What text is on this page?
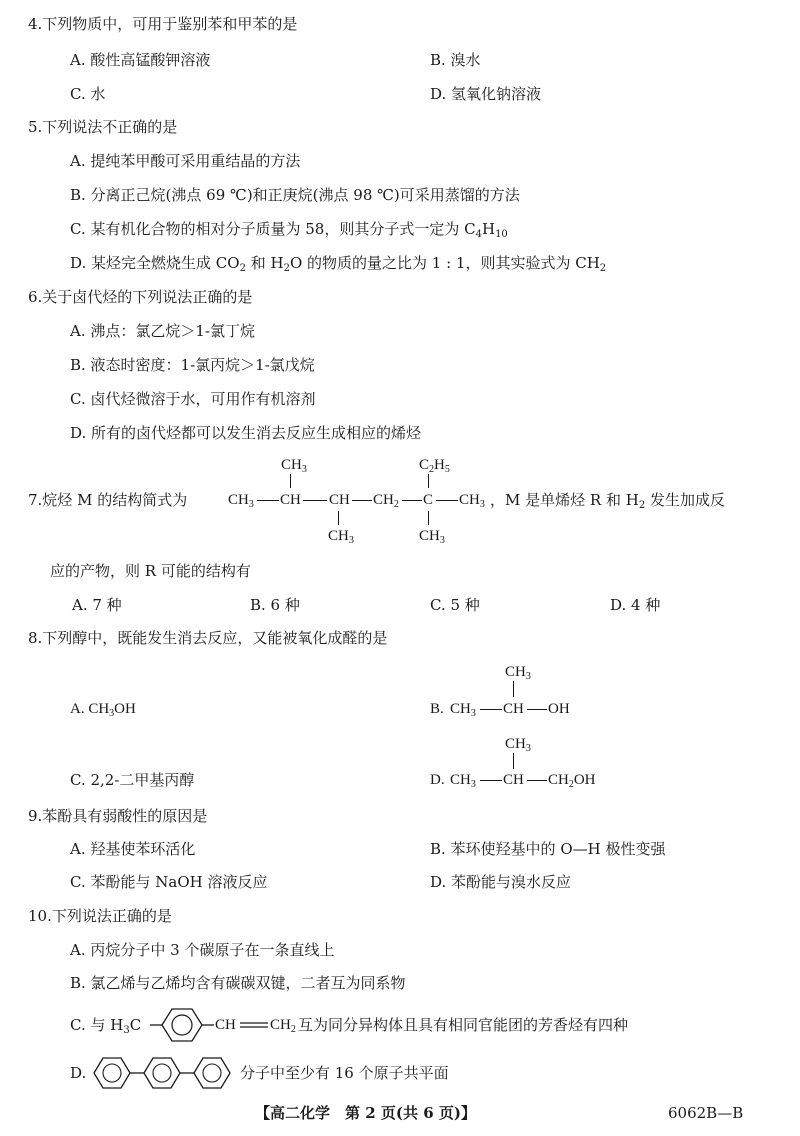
4.下列物质中，可用于鉴别苯和甲苯的是
A. 酸性高锰酸钾溶液	B. 溴水
C. 水	D. 氢氧化钠溶液
5.下列说法不正确的是
A. 提纯苯甲酸可采用重结晶的方法
B. 分离正己烷(沸点 69 ℃)和正庚烷(沸点 98 ℃)可采用蒸馏的方法
C. 某有机化合物的相对分子质量为 58，则其分子式一定为 $C_4H_{10}$
D. 某烃完全燃烧生成 $CO_2$ 和 $H_2O$ 的物质的量之比为 1 : 1，则其实验式为 $CH_2$
6.关于卤代烃的下列说法正确的是
A. 沸点：氯乙烷＞1-氯丁烷
B. 液态时密度：1-氯丙烷＞1-氯戊烷
C. 卤代烃微溶于水，可用作有机溶剂
D. 所有的卤代烃都可以发生消去反应生成相应的烯烃
$CH_3$	$C_2H_5$
7.烷烃 M 的结构简式为	$CH_3$ CH CH $CH_2$ C $CH_3$ ，M 是单烯烃 R 和 $H_2$ 发生加成反
$CH_3$	$CH_3$
应的产物，则 R 可能的结构有
A. 7 种	B. 6 种	C. 5 种	D. 4 种
8.下列醇中，既能发生消去反应，又能被氧化成醛的是
A. $CH_3OH$
$CH_3$
B. $CH_3$ CH OH
C. 2,2-二甲基丙醇
$CH_3$
D. $CH_3$ CH $CH_2OH$
9.苯酚具有弱酸性的原因是
A. 羟基使苯环活化	B. 苯环使羟基中的 O—H 极性变强
C. 苯酚能与 NaOH 溶液反应	D. 苯酚能与溴水反应
10.下列说法正确的是
A. 丙烷分子中 3 个碳原子在一条直线上
B. 氯乙烯与乙烯均含有碳碳双键，二者互为同系物
C. 与 $H_3C$	CH $CH_2$ 互为同分异构体且具有相同官能团的芳香烃有四种
D.	分子中至少有 16 个原子共平面
【高二化学　第 2 页(共 6 页)】	6062B—B
